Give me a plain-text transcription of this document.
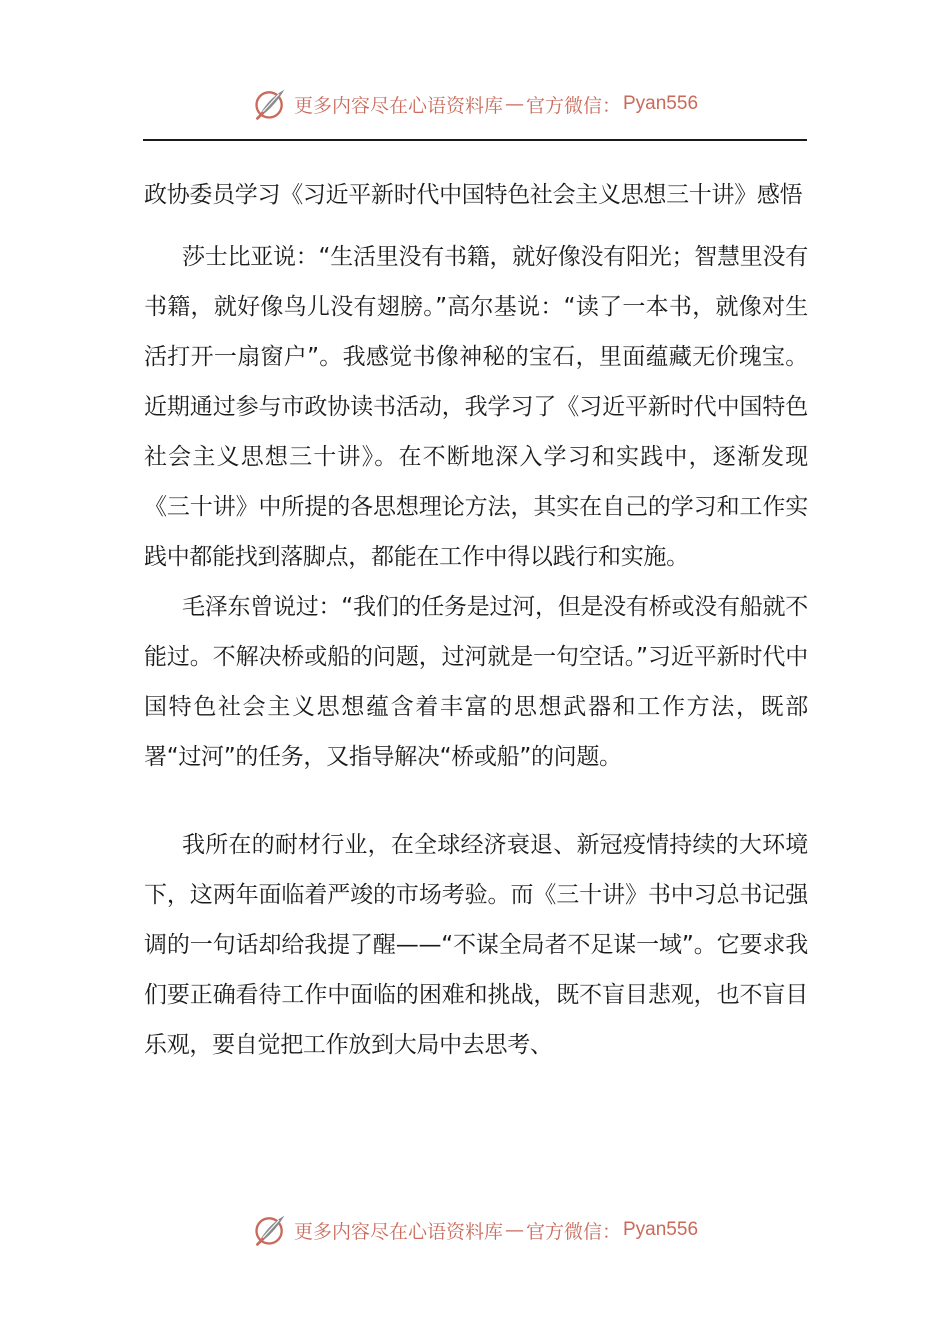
更多内容尽在心语资料库 — 官方微信： Pyan556

政协委员学习《习近平新时代中国特色社会主义思想三十讲》感悟

莎士比亚说：“生活里没有书籍，就好像没有阳光；智慧里没有书籍，就好像鸟儿没有翅膀。”高尔基说：“读了一本书，就像对生活打开一扇窗户”。我感觉书像神秘的宝石，里面蕴藏无价瑰宝。近期通过参与市政协读书活动，我学习了《习近平新时代中国特色社会主义思想三十讲》。在不断地深入学习和实践中，逐渐发现《三十讲》中所提的各思想理论方法，其实在自己的学习和工作实践中都能找到落脚点，都能在工作中得以践行和实施。

毛泽东曾说过：“我们的任务是过河，但是没有桥或没有船就不能过。不解决桥或船的问题，过河就是一句空话。”习近平新时代中国特色社会主义思想蕴含着丰富的思想武器和工作方法，既部署“过河”的任务，又指导解决“桥或船”的问题。

我所在的耐材行业，在全球经济衰退、新冠疫情持续的大环境下，这两年面临着严竣的市场考验。而《三十讲》书中习总书记强调的一句话却给我提了醒——“不谋全局者不足谋一域”。它要求我们要正确看待工作中面临的困难和挑战，既不盲目悲观，也不盲目乐观，要自觉把工作放到大局中去思考、

更多内容尽在心语资料库 — 官方微信： Pyan556
